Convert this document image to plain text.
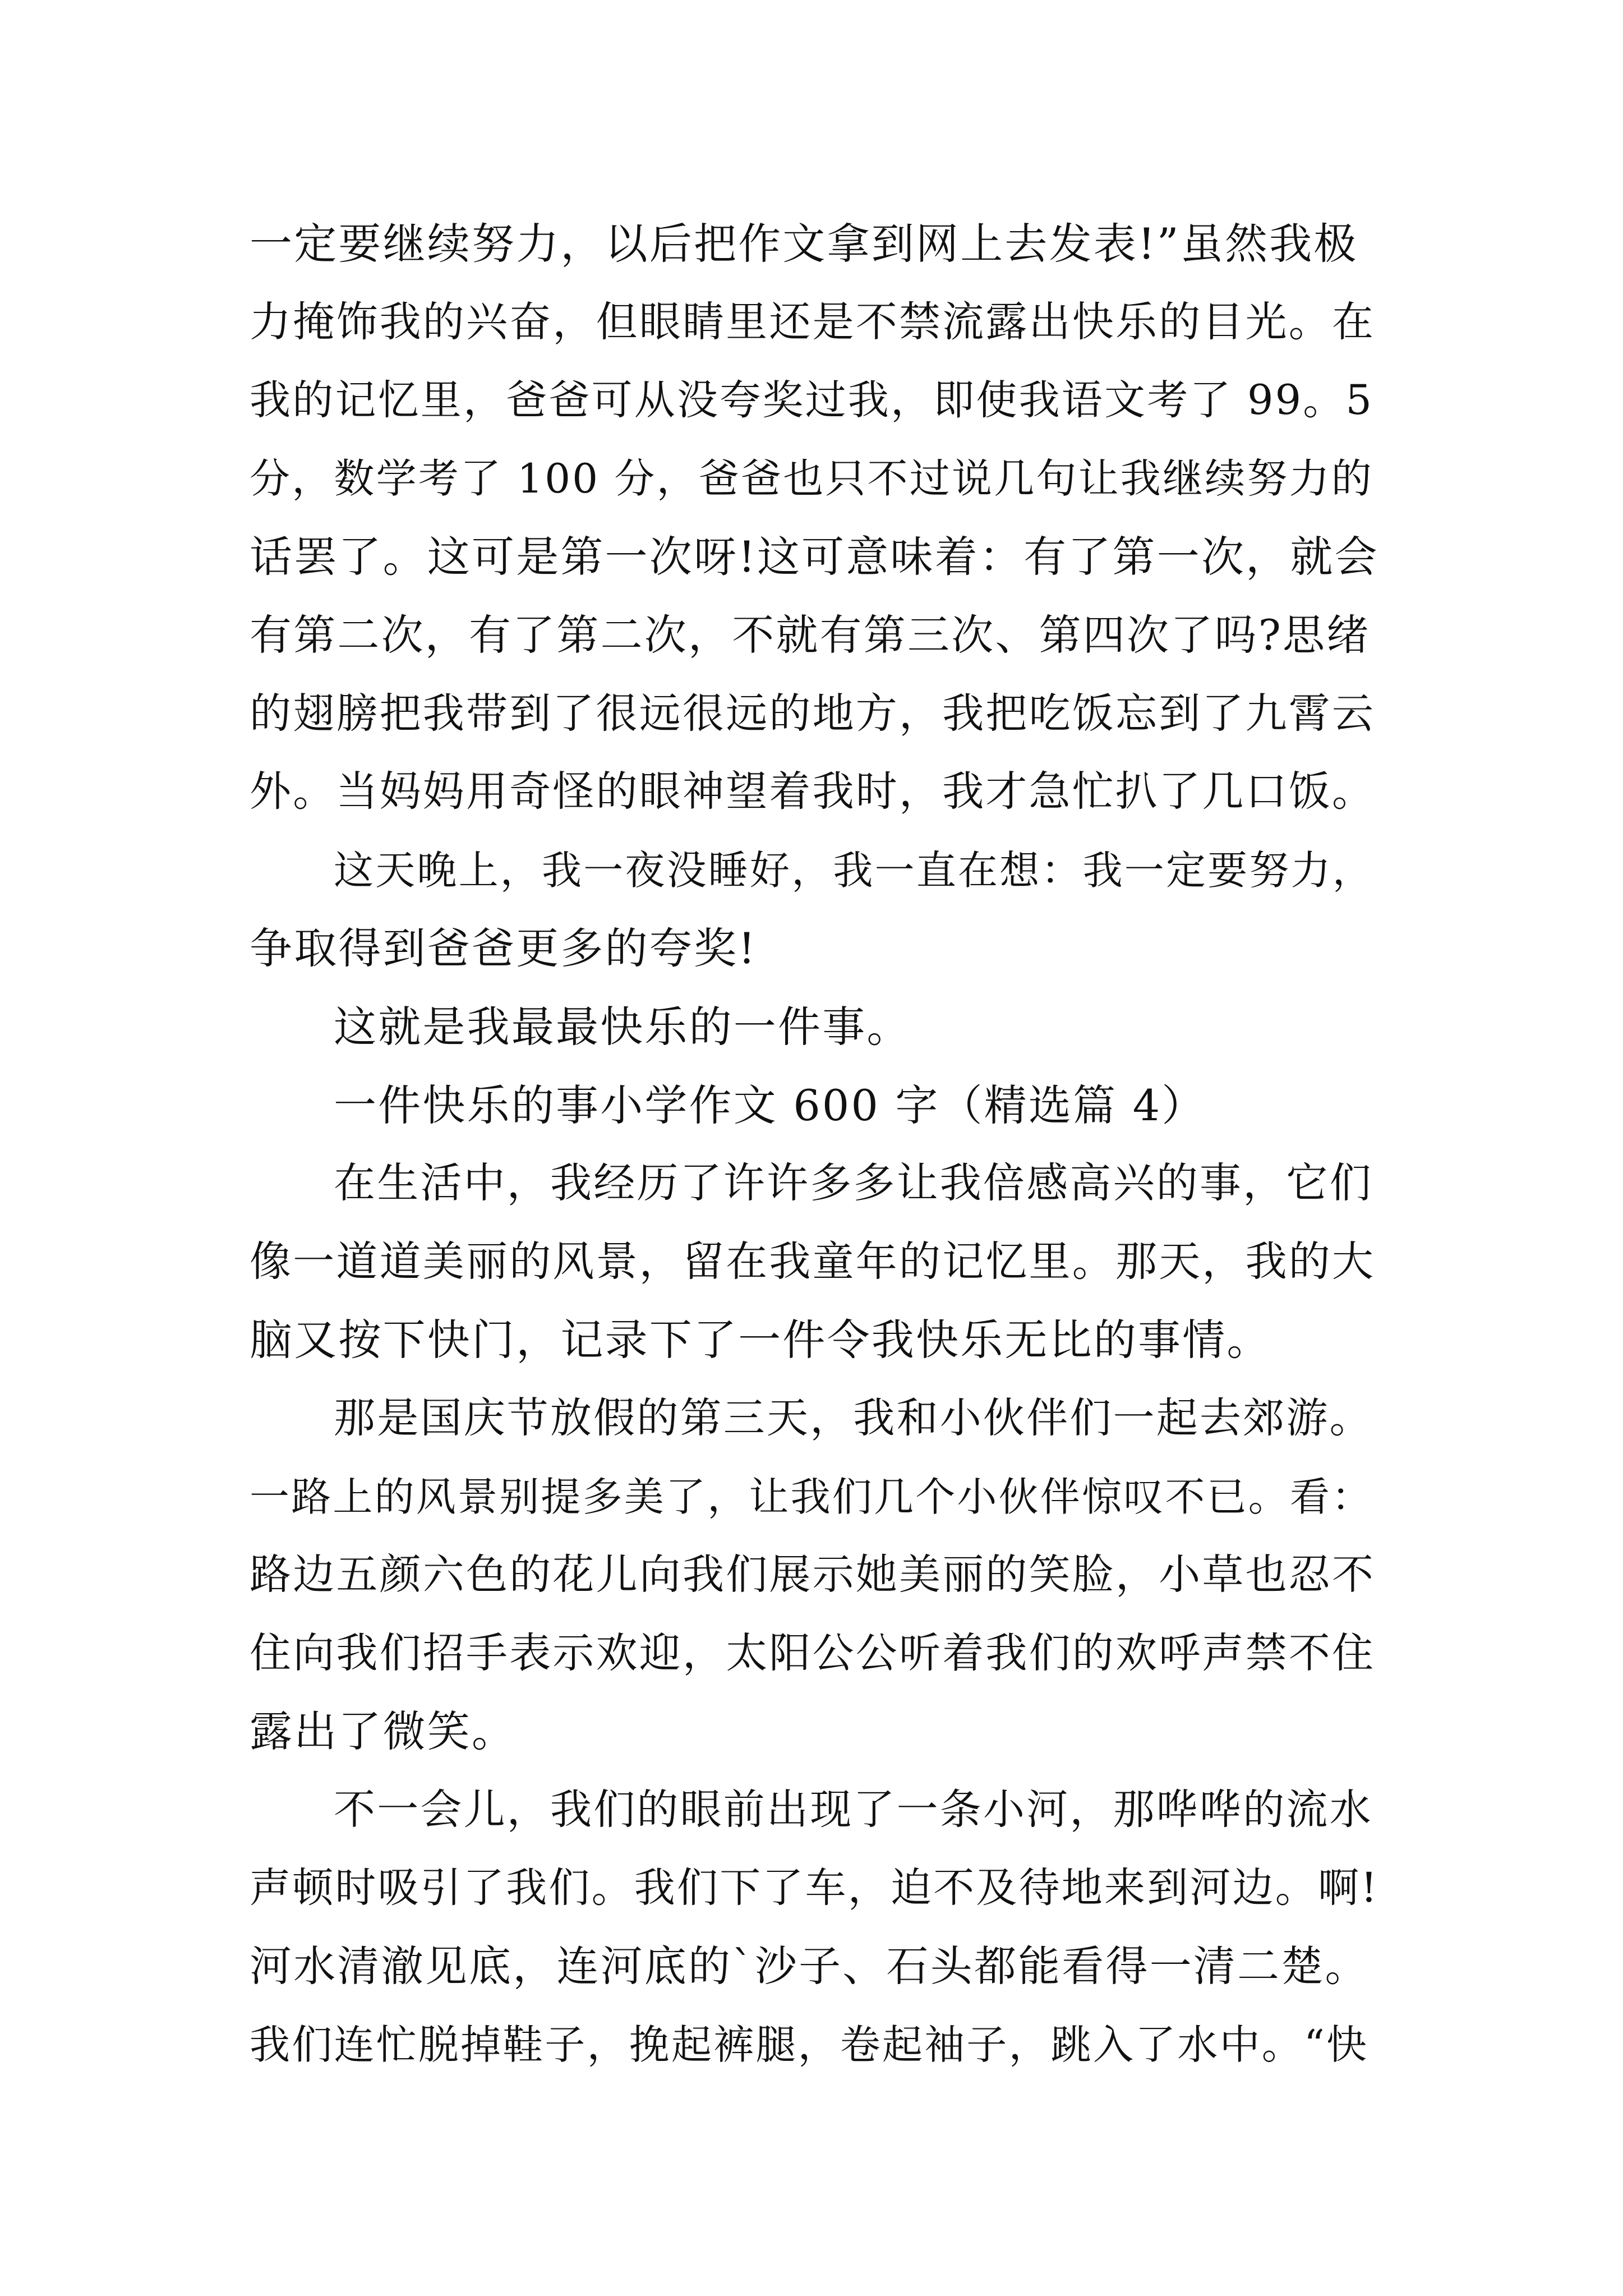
一定要继续努力，以后把作文拿到网上去发表!”虽然我极
力掩饰我的兴奋，但眼睛里还是不禁流露出快乐的目光。在
我的记忆里，爸爸可从没夸奖过我，即使我语文考了 99。5
分，数学考了 100 分，爸爸也只不过说几句让我继续努力的
话罢了。这可是第一次呀!这可意味着：有了第一次，就会
有第二次，有了第二次，不就有第三次、第四次了吗?思绪
的翅膀把我带到了很远很远的地方，我把吃饭忘到了九霄云
外。当妈妈用奇怪的眼神望着我时，我才急忙扒了几口饭。
这天晚上，我一夜没睡好，我一直在想：我一定要努力，
争取得到爸爸更多的夸奖!
这就是我最最快乐的一件事。
一件快乐的事小学作文 600 字（精选篇 4）
在生活中，我经历了许许多多让我倍感高兴的事，它们
像一道道美丽的风景，留在我童年的记忆里。那天，我的大
脑又按下快门，记录下了一件令我快乐无比的事情。
那是国庆节放假的第三天，我和小伙伴们一起去郊游。
一路上的风景别提多美了，让我们几个小伙伴惊叹不已。看：
路边五颜六色的花儿向我们展示她美丽的笑脸，小草也忍不
住向我们招手表示欢迎，太阳公公听着我们的欢呼声禁不住
露出了微笑。
不一会儿，我们的眼前出现了一条小河，那哗哗的流水
声顿时吸引了我们。我们下了车，迫不及待地来到河边。啊!
河水清澈见底，连河底的`沙子、石头都能看得一清二楚。
我们连忙脱掉鞋子，挽起裤腿，卷起袖子，跳入了水中。“快
